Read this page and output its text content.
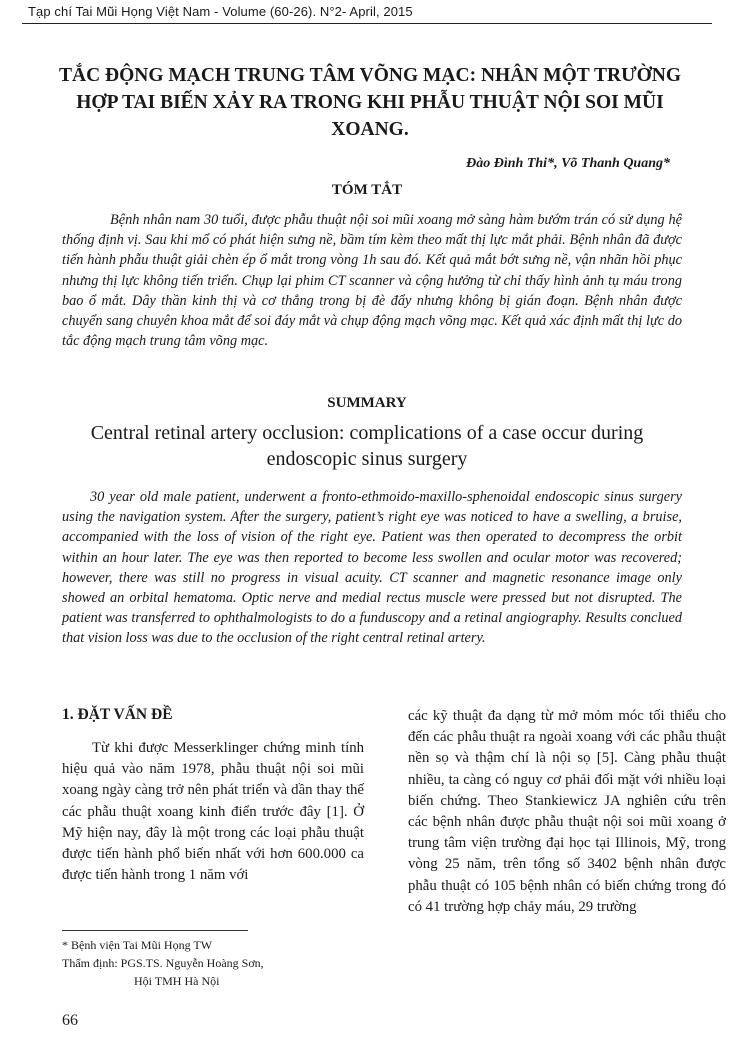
Tạp chí Tai Mũi Họng Việt Nam - Volume (60-26). N°2- April, 2015
TẮC ĐỘNG MẠCH TRUNG TÂM VÕNG MẠC: NHÂN MỘT TRƯỜNG HỢP TAI BIẾN XẢY RA TRONG KHI PHẪU THUẬT NỘI SOI MŨI XOANG.
Đào Đình Thi*, Võ Thanh Quang*
TÓM TẮT

Bệnh nhân nam 30 tuổi, được phẫu thuật nội soi mũi xoang mở sàng hàm bướm trán có sử dụng hệ thống định vị. Sau khi mổ có phát hiện sưng nề, bầm tím kèm theo mất thị lực mắt phải. Bệnh nhân đã được tiến hành phẫu thuật giải chèn ép ổ mắt trong vòng 1h sau đó. Kết quả mắt bớt sưng nề, vận nhãn hồi phục nhưng thị lực không tiến triển. Chụp lại phim CT scanner và cộng hưởng từ chỉ thấy hình ảnh tụ máu trong bao ổ mắt. Dây thần kinh thị và cơ thẳng trong bị đè đẩy nhưng không bị gián đoạn. Bệnh nhân được chuyển sang chuyên khoa mắt để soi đáy mắt và chụp động mạch võng mạc. Kết quả xác định mất thị lực do tắc động mạch trung tâm võng mạc.

SUMMARY
Central retinal artery occlusion: complications of a case occur during endoscopic sinus surgery

30 year old male patient, underwent a fronto-ethmoido-maxillo-sphenoidal endoscopic sinus surgery using the navigation system. After the surgery, patient’s right eye was noticed to have a swelling, a bruise, accompanied with the loss of vision of the right eye. Patient was then operated to decompress the orbit within an hour later. The eye was then reported to become less swollen and ocular motor was recovered; however, there was still no progress in visual acuity. CT scanner and magnetic resonance image only showed an orbital hematoma. Optic nerve and medial rectus muscle were pressed but not disrupted. The patient was transferred to ophthalmologists to do a funduscopy and a retinal angiography. Results conclued that vision loss was due to the occlusion of the right central retinal artery.

1. ĐẶT VẤN ĐỀ

Từ khi được Messerklinger chứng minh tính hiệu quả vào năm 1978, phẫu thuật nội soi mũi xoang ngày càng trở nên phát triển và dần thay thế các phẫu thuật xoang kinh điển trước đây [1]. Ở Mỹ hiện nay, đây là một trong các loại phẫu thuật được tiến hành phổ biến nhất với hơn 600.000 ca được tiến hành trong 1 năm với

các kỹ thuật đa dạng từ mở mỏm móc tối thiểu cho đến các phẫu thuật ra ngoài xoang với các phẫu thuật nền sọ và thậm chí là nội sọ [5]. Càng phẫu thuật nhiều, ta càng có nguy cơ phải đối mặt với nhiều loại biến chứng. Theo Stankiewicz JA nghiên cứu trên các bệnh nhân được phẫu thuật nội soi mũi xoang ở trung tâm viện trường đại học tại Illinois, Mỹ, trong vòng 25 năm, trên tổng số 3402 bệnh nhân được phẫu thuật có 105 bệnh nhân có biến chứng trong đó có 41 trường hợp chảy máu, 29 trường

* Bệnh viện Tai Mũi Họng TW
Thẩm định: PGS.TS. Nguyễn Hoàng Sơn,
Hội TMH Hà Nội
66
